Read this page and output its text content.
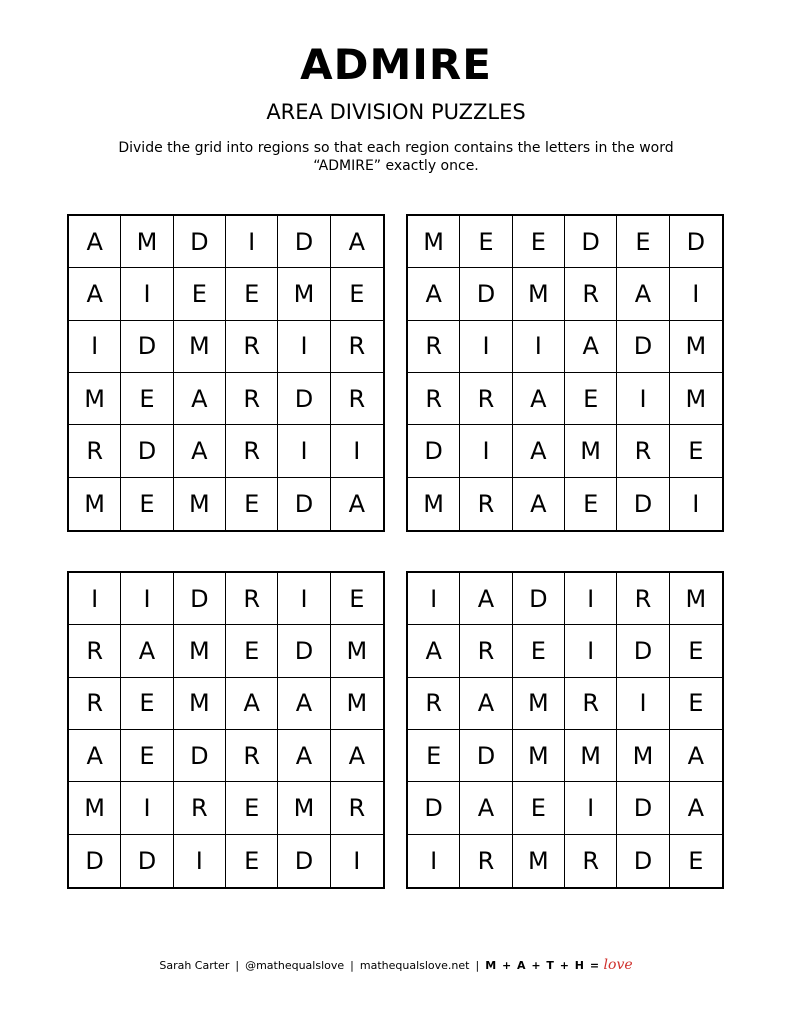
ADMIRE
AREA DIVISION PUZZLES
Divide the grid into regions so that each region contains the letters in the word “ADMIRE” exactly once.
A	M	D	I	D	A
A	I	E	E	M	E
I	D	M	R	I	R
M	E	A	R	D	R
R	D	A	R	I	I
M	E	M	E	D	A
M	E	E	D	E	D
A	D	M	R	A	I
R	I	I	A	D	M
R	R	A	E	I	M
D	I	A	M	R	E
M	R	A	E	D	I
I	I	D	R	I	E
R	A	M	E	D	M
R	E	M	A	A	M
A	E	D	R	A	A
M	I	R	E	M	R
D	D	I	E	D	I
I	A	D	I	R	M
A	R	E	I	D	E
R	A	M	R	I	E
E	D	M	M	M	A
D	A	E	I	D	A
I	R	M	R	D	E
Sarah Carter | @mathequalslove | mathequalslove.net | M + A + T + H = love
